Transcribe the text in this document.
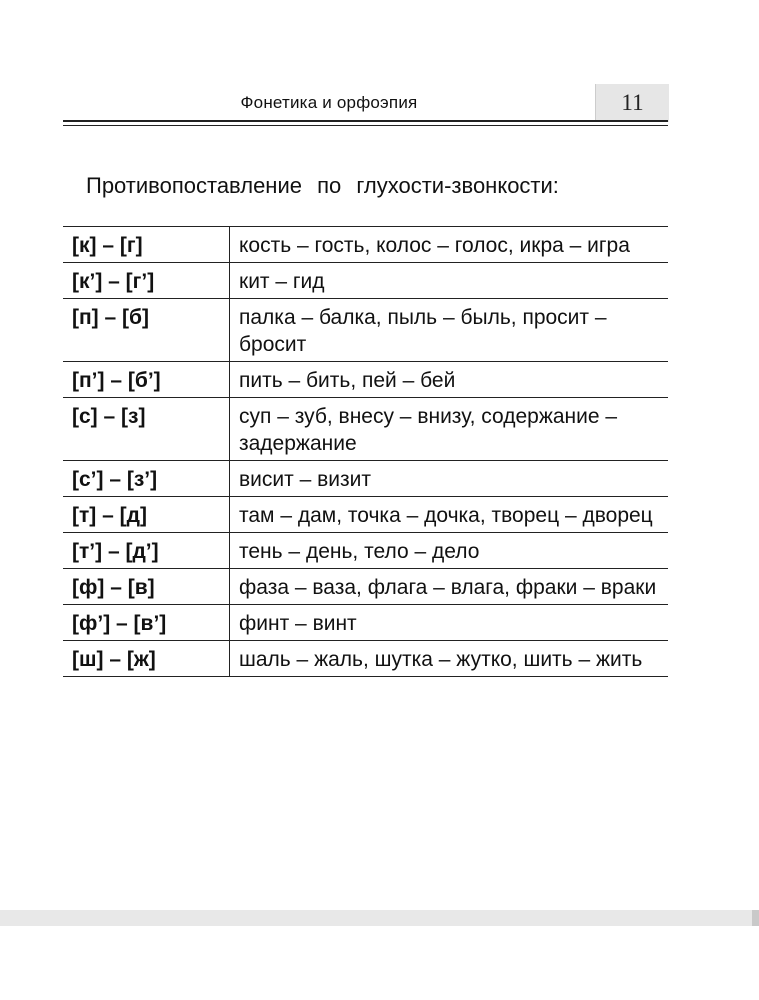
Фонетика и орфоэпия	11
Противопоставление по глухости-звонкости:
[к] – [г]	кость – гость, колос – голос, икра – игра
[к’] – [г’]	кит – гид
[п] – [б]	палка – балка, пыль – быль, просит – бросит
[п’] – [б’]	пить – бить, пей – бей
[с] – [з]	суп – зуб, внесу – внизу, содержание – задержание
[с’] – [з’]	висит – визит
[т] – [д]	там – дам, точка – дочка, творец – дворец
[т’] – [д’]	тень – день, тело – дело
[ф] – [в]	фаза – ваза, флага – влага, фраки – враки
[ф’] – [в’]	финт – винт
[ш] – [ж]	шаль – жаль, шутка – жутко, шить – жить
